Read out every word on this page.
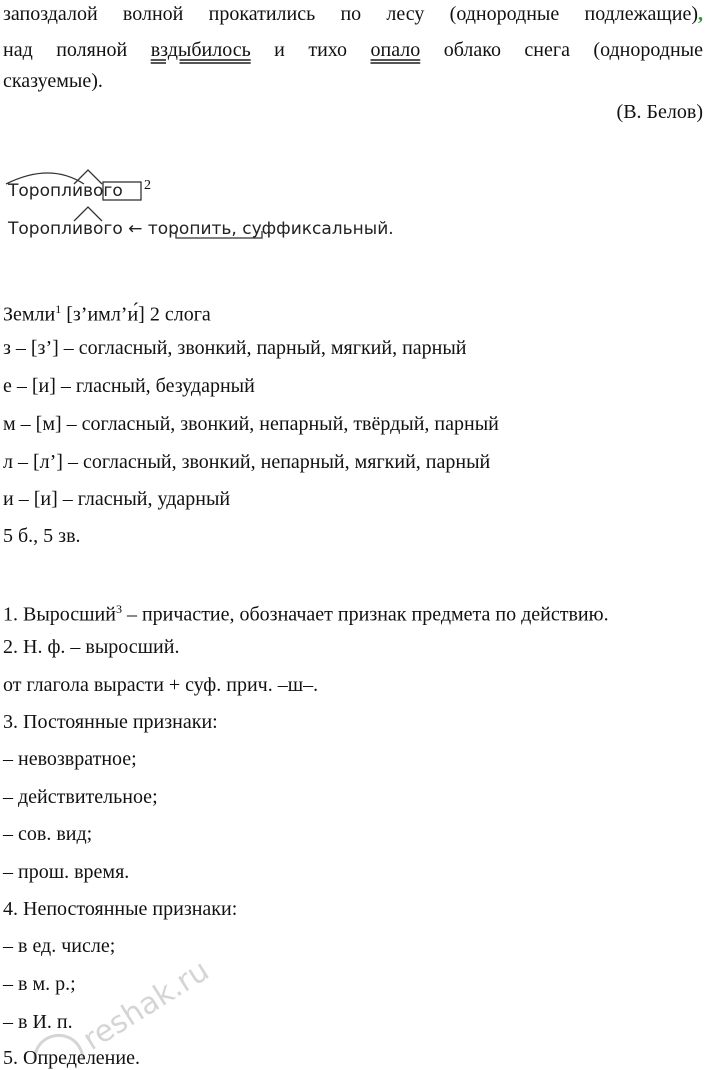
запоздалой волной прокатились по лесу (однородные подлежащие),
над поляной вздыбилось и тихо опало облако снега (однородные
сказуемые).
(В. Белов)
Торопливого 2
Торопливого ← торопить, суффиксальный.
Земли$^1$ [з’имл’и́] 2 слога
з – [з’] – согласный, звонкий, парный, мягкий, парный
е – [и] – гласный, безударный
м – [м] – согласный, звонкий, непарный, твёрдый, парный
л – [л’] – согласный, звонкий, непарный, мягкий, парный
и – [и] – гласный, ударный
5 б., 5 зв.
1. Выросший$^3$ – причастие, обозначает признак предмета по действию.
2. Н. ф. – выросший.
от глагола вырасти + суф. прич. –ш–.
3. Постоянные признаки:
– невозвратное;
– действительное;
– сов. вид;
– прош. время.
4. Непостоянные признаки:
– в ед. числе;
– в м. р.;
– в И. п.
5. Определение.
reshak.ru
